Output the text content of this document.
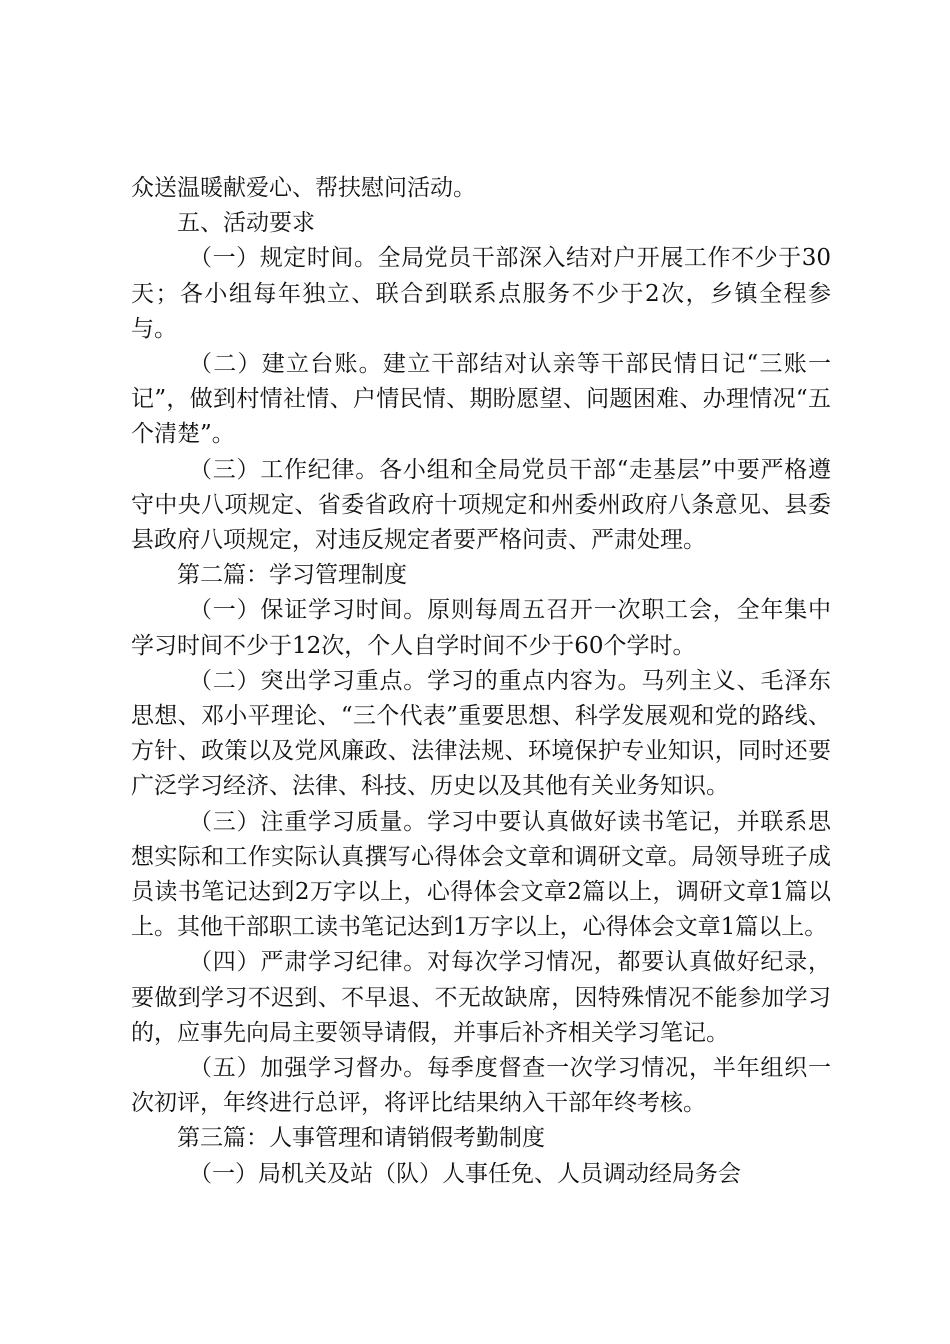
众送温暖献爱心、帮扶慰问活动。

五、活动要求

（一）规定时间。全局党员干部深入结对户开展工作不少于30天；各小组每年独立、联合到联系点服务不少于2次，乡镇全程参与。

（二）建立台账。建立干部结对认亲等干部民情日记“三账一记”，做到村情社情、户情民情、期盼愿望、问题困难、办理情况“五个清楚”。

（三）工作纪律。各小组和全局党员干部“走基层”中要严格遵守中央八项规定、省委省政府十项规定和州委州政府八条意见、县委县政府八项规定，对违反规定者要严格问责、严肃处理。

第二篇：学习管理制度

（一）保证学习时间。原则每周五召开一次职工会，全年集中学习时间不少于12次，个人自学时间不少于60个学时。

（二）突出学习重点。学习的重点内容为。马列主义、毛泽东思想、邓小平理论、“三个代表”重要思想、科学发展观和党的路线、方针、政策以及党风廉政、法律法规、环境保护专业知识，同时还要广泛学习经济、法律、科技、历史以及其他有关业务知识。

（三）注重学习质量。学习中要认真做好读书笔记，并联系思想实际和工作实际认真撰写心得体会文章和调研文章。局领导班子成员读书笔记达到2万字以上，心得体会文章2篇以上，调研文章1篇以上。其他干部职工读书笔记达到1万字以上，心得体会文章1篇以上。

（四）严肃学习纪律。对每次学习情况，都要认真做好纪录，要做到学习不迟到、不早退、不无故缺席，因特殊情况不能参加学习的，应事先向局主要领导请假，并事后补齐相关学习笔记。

（五）加强学习督办。每季度督查一次学习情况，半年组织一次初评，年终进行总评，将评比结果纳入干部年终考核。

第三篇：人事管理和请销假考勤制度

（一）局机关及站（队）人事任免、人员调动经局务会
